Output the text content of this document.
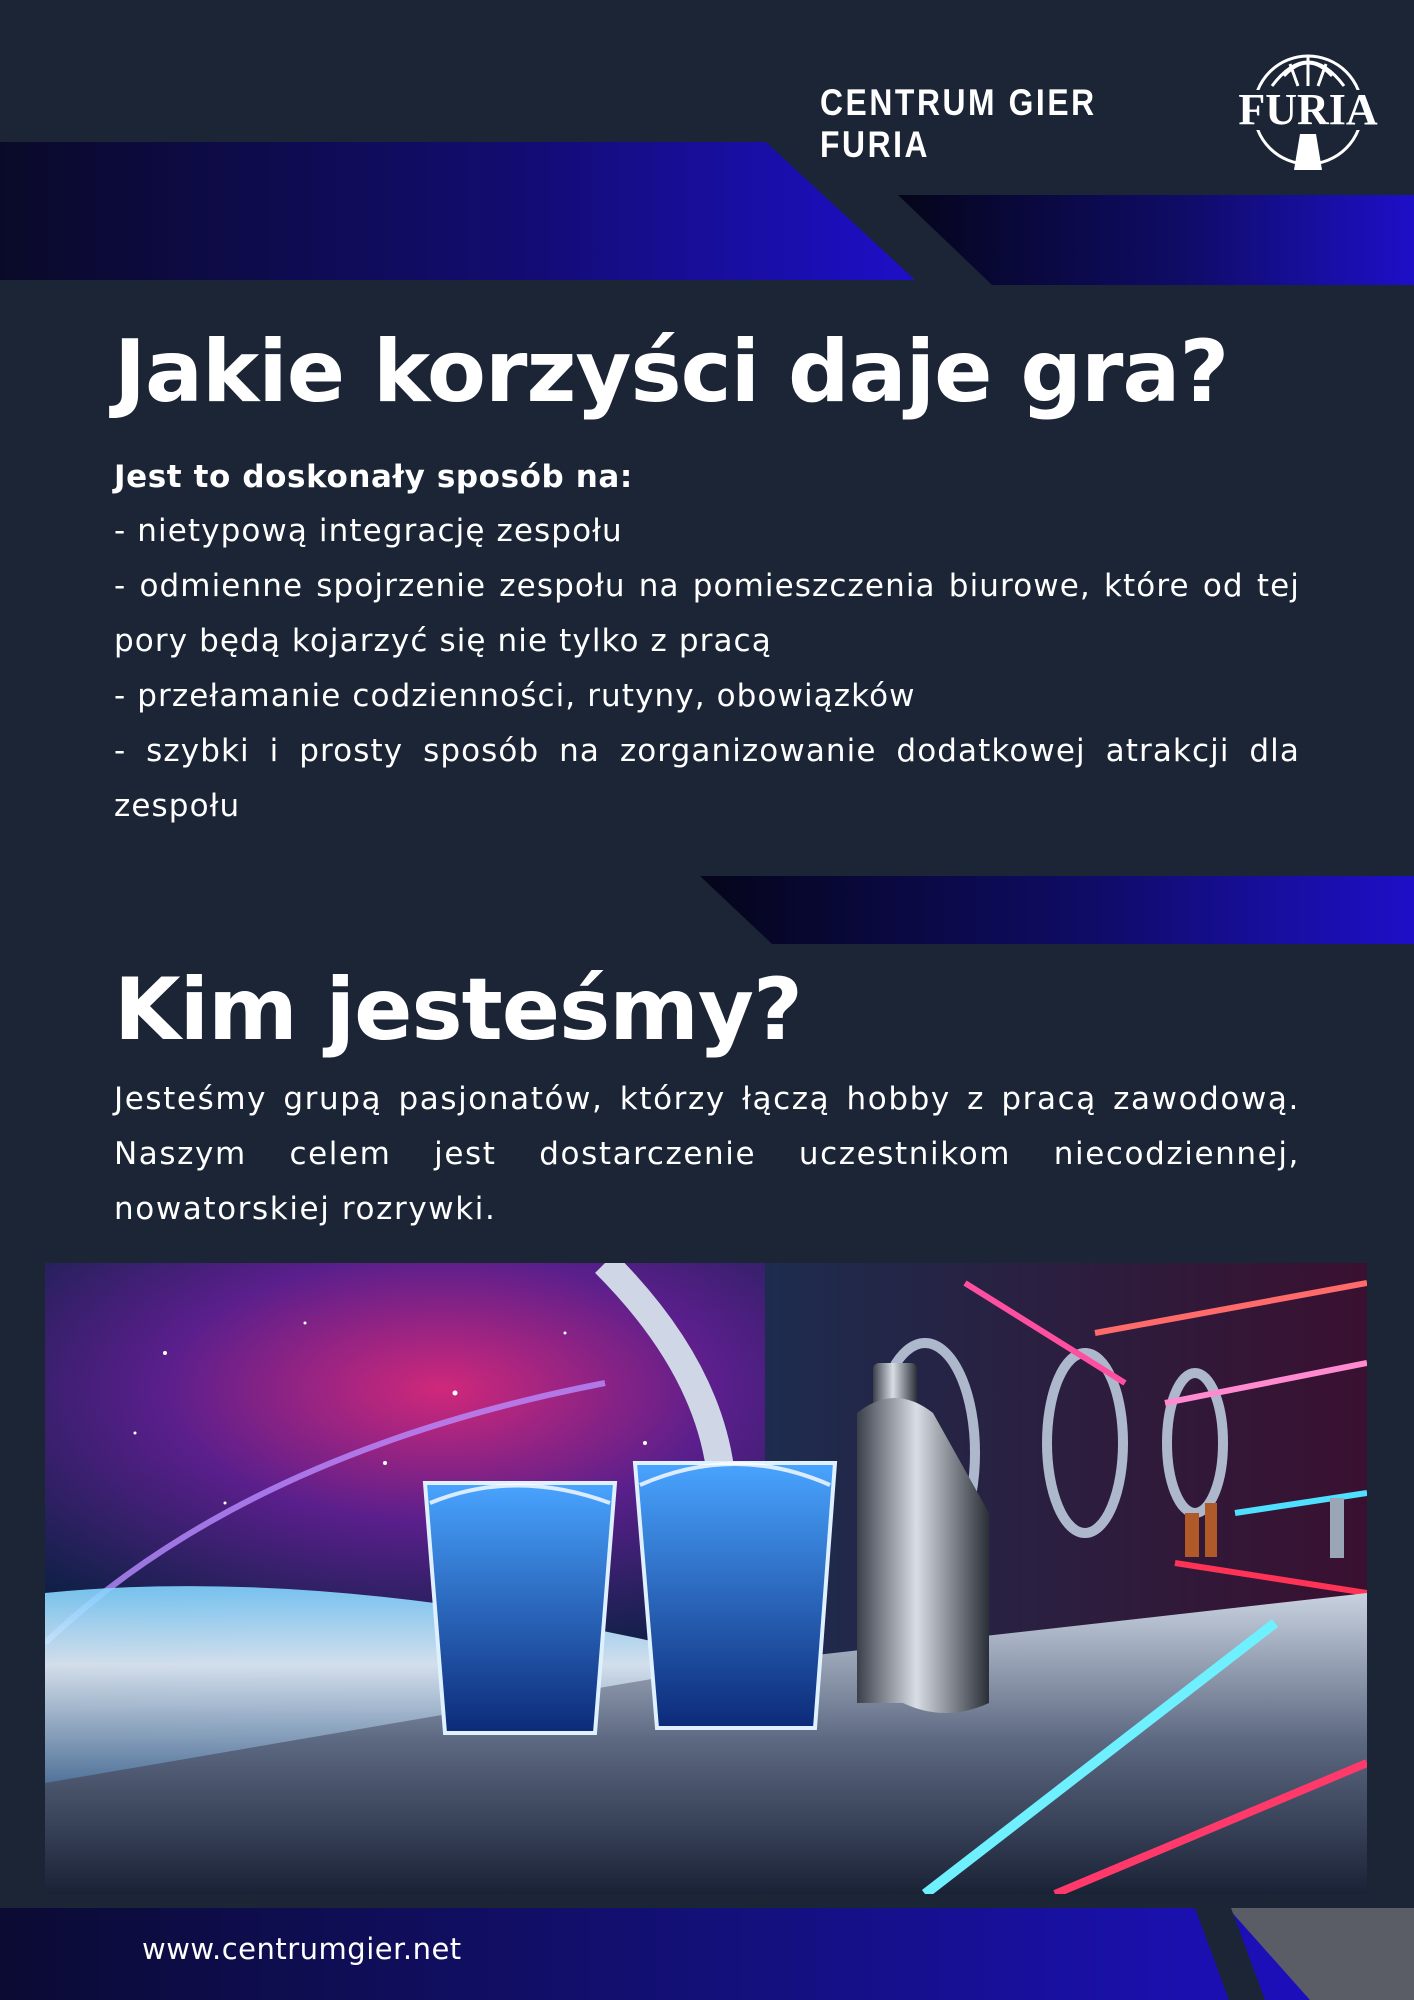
CENTRUM GIER FURIA
FURIA
Jakie korzyści daje gra?
Jest to doskonały sposób na:
- nietypową integrację zespołu
- odmienne spojrzenie zespołu na pomieszczenia biurowe, które od tej pory będą kojarzyć się nie tylko z pracą
- przełamanie codzienności, rutyny, obowiązków
- szybki i prosty sposób na zorganizowanie dodatkowej atrakcji dla zespołu
Kim jesteśmy?

Jesteśmy grupą pasjonatów, którzy łączą hobby z pracą zawodową. Naszym celem jest dostarczenie uczestnikom niecodziennej, nowatorskiej rozrywki.

www.centrumgier.net
